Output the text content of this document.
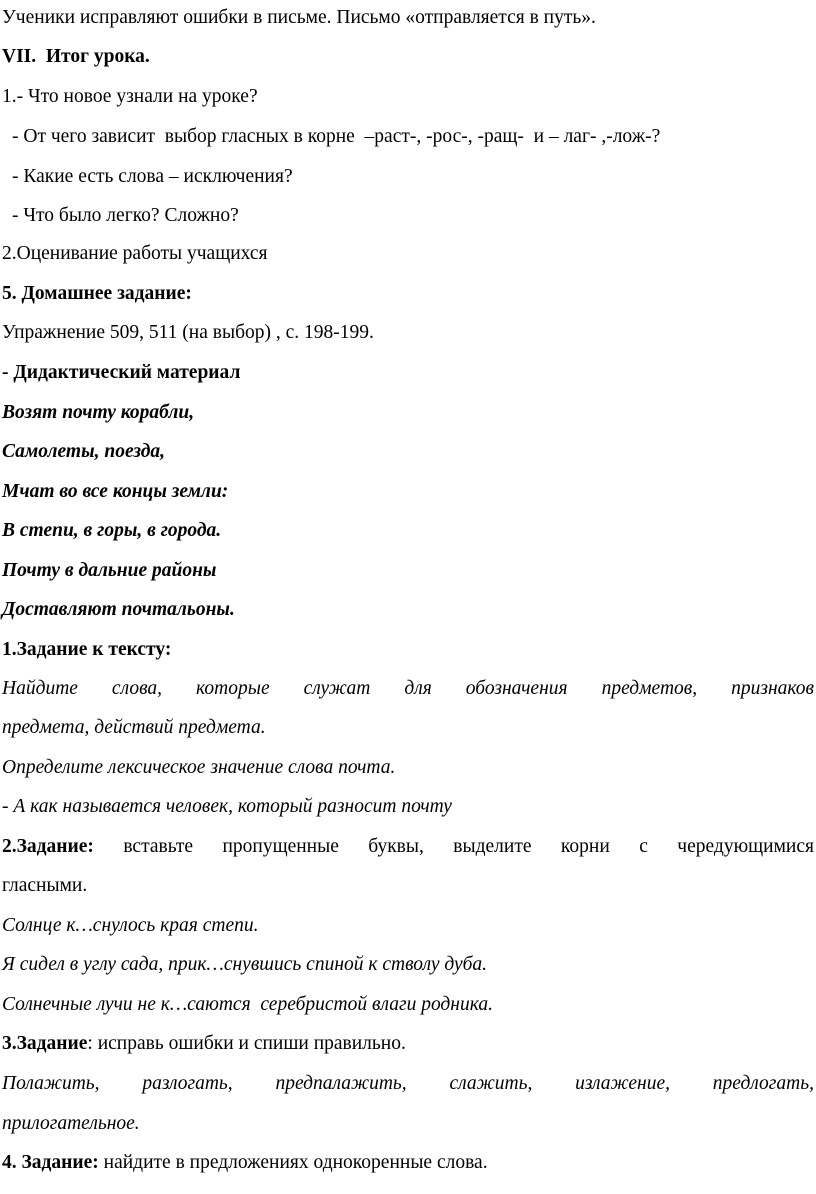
Ученики исправляют ошибки в письме. Письмо «отправляется в путь».
VII.  Итог урока.
1.- Что новое узнали на уроке?
- От чего зависит  выбор гласных в корне  –раст-, -рос-, -ращ-  и – лаг- ,-лож-?
- Какие есть слова – исключения?
- Что было легко? Сложно?
2.Оценивание работы учащихся
5. Домашнее задание:
Упражнение 509, 511 (на выбор) , с. 198-199.
- Дидактический материал
Возят почту корабли,
Самолеты, поезда,
Мчат во все концы земли:
В степи, в горы, в города.
Почту в дальние районы
Доставляют почтальоны.
1.Задание к тексту:
Найдите слова, которые служат для обозначения предметов, признаков
предмета, действий предмета.
Определите лексическое значение слова почта.
- А как называется человек, который разносит почту
2.Задание: вставьте пропущенные буквы, выделите корни с чередующимися
гласными.
Солнце к…снулось края степи.
Я сидел в углу сада, прик…снувшись спиной к стволу дуба.
Солнечные лучи не к…саются  серебристой влаги родника.
3.Задание: исправь ошибки и спиши правильно.
Полажить, разлогать, предпалажить, слажить, излажение, предлогать,
прилогательное.
4. Задание: найдите в предложениях однокоренные слова.
